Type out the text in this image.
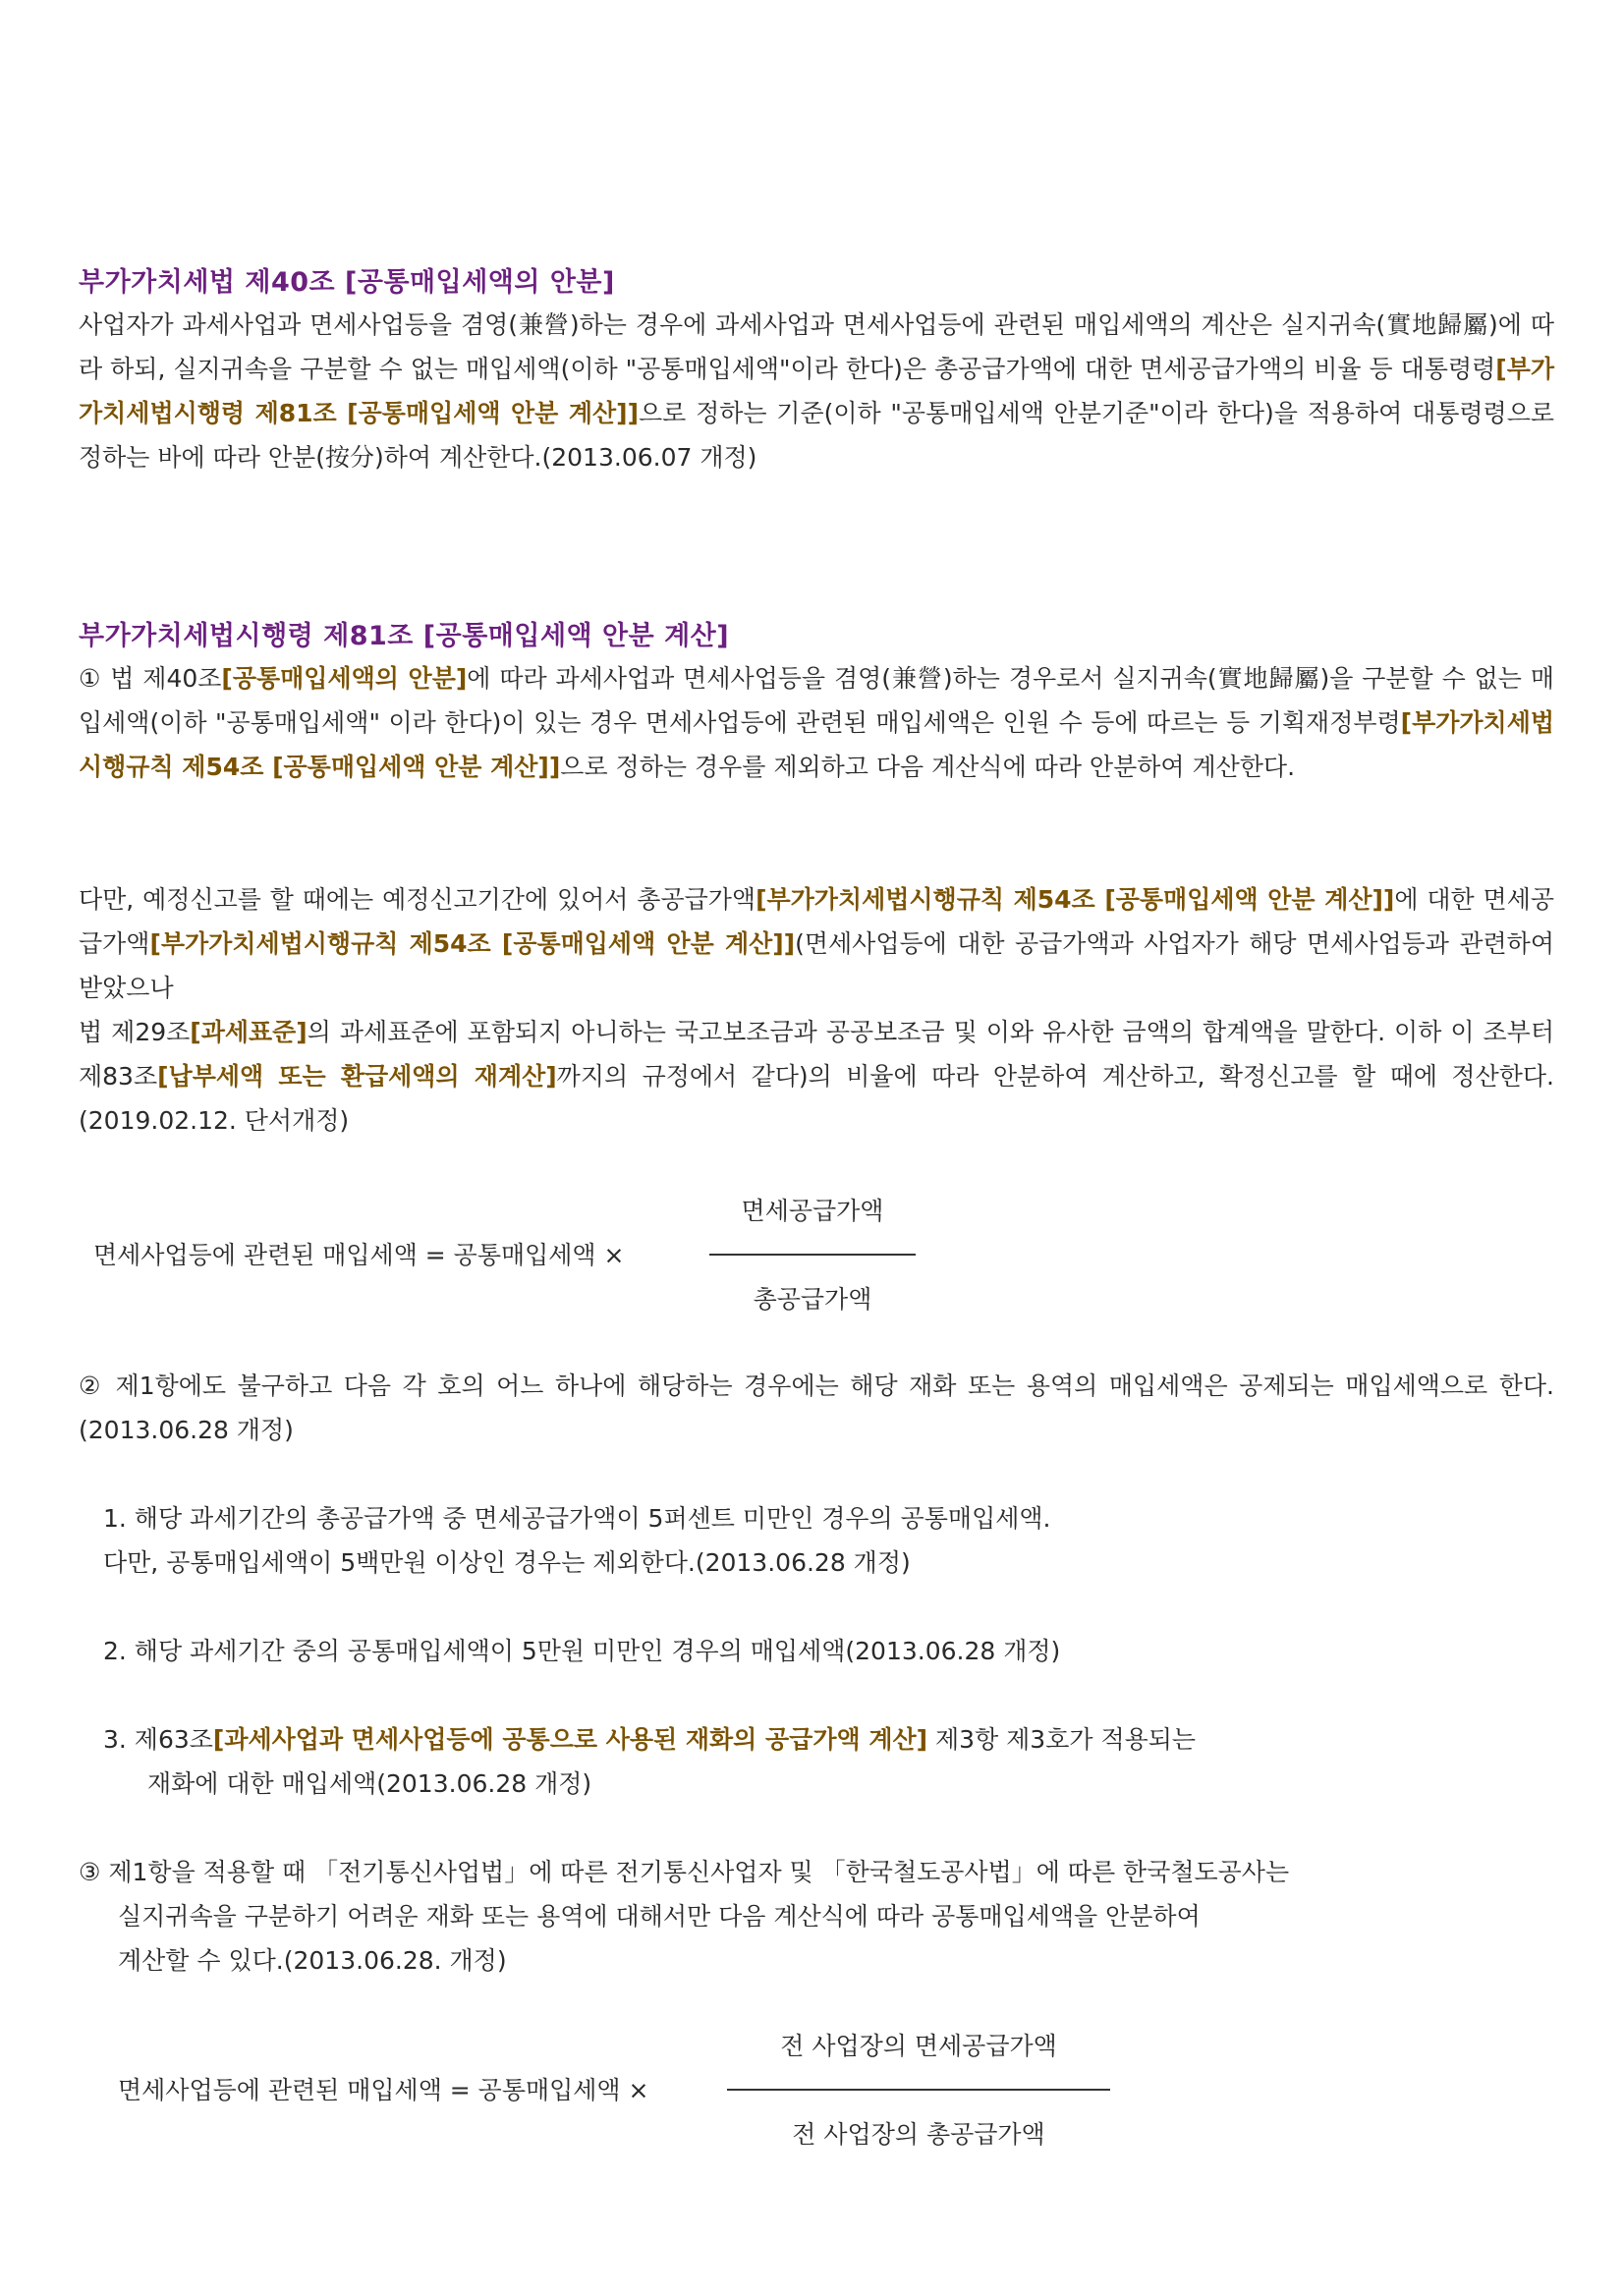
부가가치세법 제40조 [공통매입세액의 안분]
사업자가 과세사업과 면세사업등을 겸영(兼營)하는 경우에 과세사업과 면세사업등에 관련된 매입세액의 계산은 실지귀속(實地歸屬)에 따라 하되, 실지귀속을 구분할 수 없는 매입세액(이하 "공통매입세액"이라 한다)은 총공급가액에 대한 면세공급가액의 비율 등 대통령령[부가가치세법시행령 제81조 [공통매입세액 안분 계산]]으로 정하는 기준(이하 "공통매입세액 안분기준"이라 한다)을 적용하여 대통령령으로 정하는 바에 따라 안분(按分)하여 계산한다.(2013.06.07 개정)
부가가치세법시행령 제81조 [공통매입세액 안분 계산]
① 법 제40조[공통매입세액의 안분]에 따라 과세사업과 면세사업등을 겸영(兼營)하는 경우로서 실지귀속(實地歸屬)을 구분할 수 없는 매입세액(이하 "공통매입세액" 이라 한다)이 있는 경우 면세사업등에 관련된 매입세액은 인원 수 등에 따르는 등 기획재정부령[부가가치세법시행규칙 제54조 [공통매입세액 안분 계산]]으로 정하는 경우를 제외하고 다음 계산식에 따라 안분하여 계산한다.
다만, 예정신고를 할 때에는 예정신고기간에 있어서 총공급가액[부가가치세법시행규칙 제54조 [공통매입세액 안분 계산]]에 대한 면세공급가액[부가가치세법시행규칙 제54조 [공통매입세액 안분 계산]](면세사업등에 대한 공급가액과 사업자가 해당 면세사업등과 관련하여 받았으나
법 제29조[과세표준]의 과세표준에 포함되지 아니하는 국고보조금과 공공보조금 및 이와 유사한 금액의 합계액을 말한다. 이하 이 조부터 제83조[납부세액 또는 환급세액의 재계산]까지의 규정에서 같다)의 비율에 따라 안분하여 계산하고, 확정신고를 할 때에 정산한다.(2019.02.12. 단서개정)
면세사업등에 관련된 매입세액 = 공통매입세액 ×
면세공급가액
총공급가액
② 제1항에도 불구하고 다음 각 호의 어느 하나에 해당하는 경우에는 해당 재화 또는 용역의 매입세액은 공제되는 매입세액으로 한다.(2013.06.28 개정)
1. 해당 과세기간의 총공급가액 중 면세공급가액이 5퍼센트 미만인 경우의 공통매입세액.
다만, 공통매입세액이 5백만원 이상인 경우는 제외한다.(2013.06.28 개정)
2. 해당 과세기간 중의 공통매입세액이 5만원 미만인 경우의 매입세액(2013.06.28 개정)
3. 제63조[과세사업과 면세사업등에 공통으로 사용된 재화의 공급가액 계산] 제3항 제3호가 적용되는
재화에 대한 매입세액(2013.06.28 개정)
③ 제1항을 적용할 때 「전기통신사업법」에 따른 전기통신사업자 및 「한국철도공사법」에 따른 한국철도공사는
실지귀속을 구분하기 어려운 재화 또는 용역에 대해서만 다음 계산식에 따라 공통매입세액을 안분하여
계산할 수 있다.(2013.06.28. 개정)
면세사업등에 관련된 매입세액 = 공통매입세액 ×
전 사업장의 면세공급가액
전 사업장의 총공급가액
